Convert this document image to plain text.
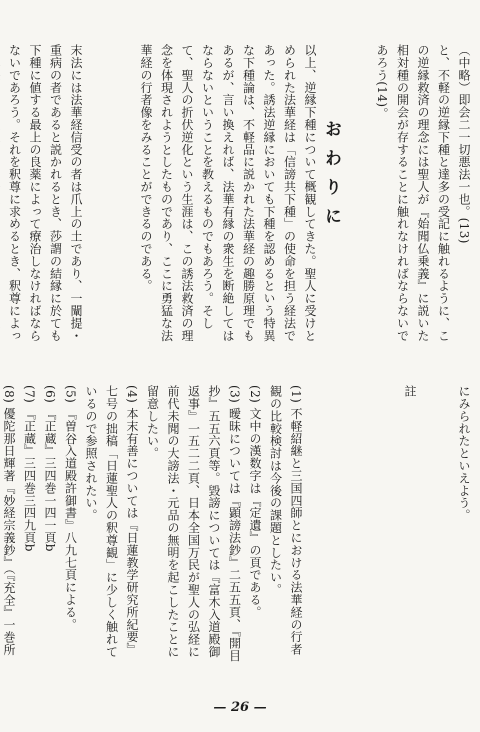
（中略）即会二一切悪法一也。(13)
と、不軽の逆縁下種と達多の受記に触れるように、この逆縁救済の理念には聖人が『始聞仏乗義』に説いた相対種の開会が存することに触れなければならないであろう(14)。
おわりに
以上、逆縁下種について概観してきた。聖人に受けとめられた法華経は「信謗共下種」の使命を担う経法であった。誘法逆縁においても下種を認めるという特異な下種論は、不軽品に説かれた法華経の趣勝原理でもあるが、言い換えれば、法華有縁の衆生を断絶してはならないということを教えるものでもあろう。そして、聖人の折伏逆化という生涯は、この誘法救済の理念を体現されようとしたものであり、ここに勇猛な法華経の行者像をみることができるのである。
末法には法華経信受の者は爪上の土であり、一闡提・重病の者であると説かれるとき、莎謂の結縁に於ても下種に値する最上の良薬によって療治しなければならないであろう。それを釈尊に求めるとき、釈尊によっ
にみられたといえよう。
註
(1) 不軽紹継と三国四師とにおける法華経の行者観の比較検討は今後の課題としたい。
(2) 文中の漢数字は『定遺』の頁である。
(3) 曖昧については『顕謗法鈔』二五五頁、『開目抄』五五六頁等。毀謗については『富木入道殿御返事』一五二二頁、日本全国万民が聖人の弘経に前代未聞の大謗法・元品の無明を起こしたことに留意したい。
(4) 本末有善については『日蓮教学研究所紀要』七号の拙稿「日蓮聖人の釈尊観」に少しく触れているので参照されたい。
(5) 『曽谷入道殿許御書』八九七頁による。
(6) 『正蔵』三四巻一四一頁b
(7) 『正蔵』三四巻三四九頁b
(8) 優陀那日輝著『妙経宗義鈔』（『充全』一巻所

— 26 —
